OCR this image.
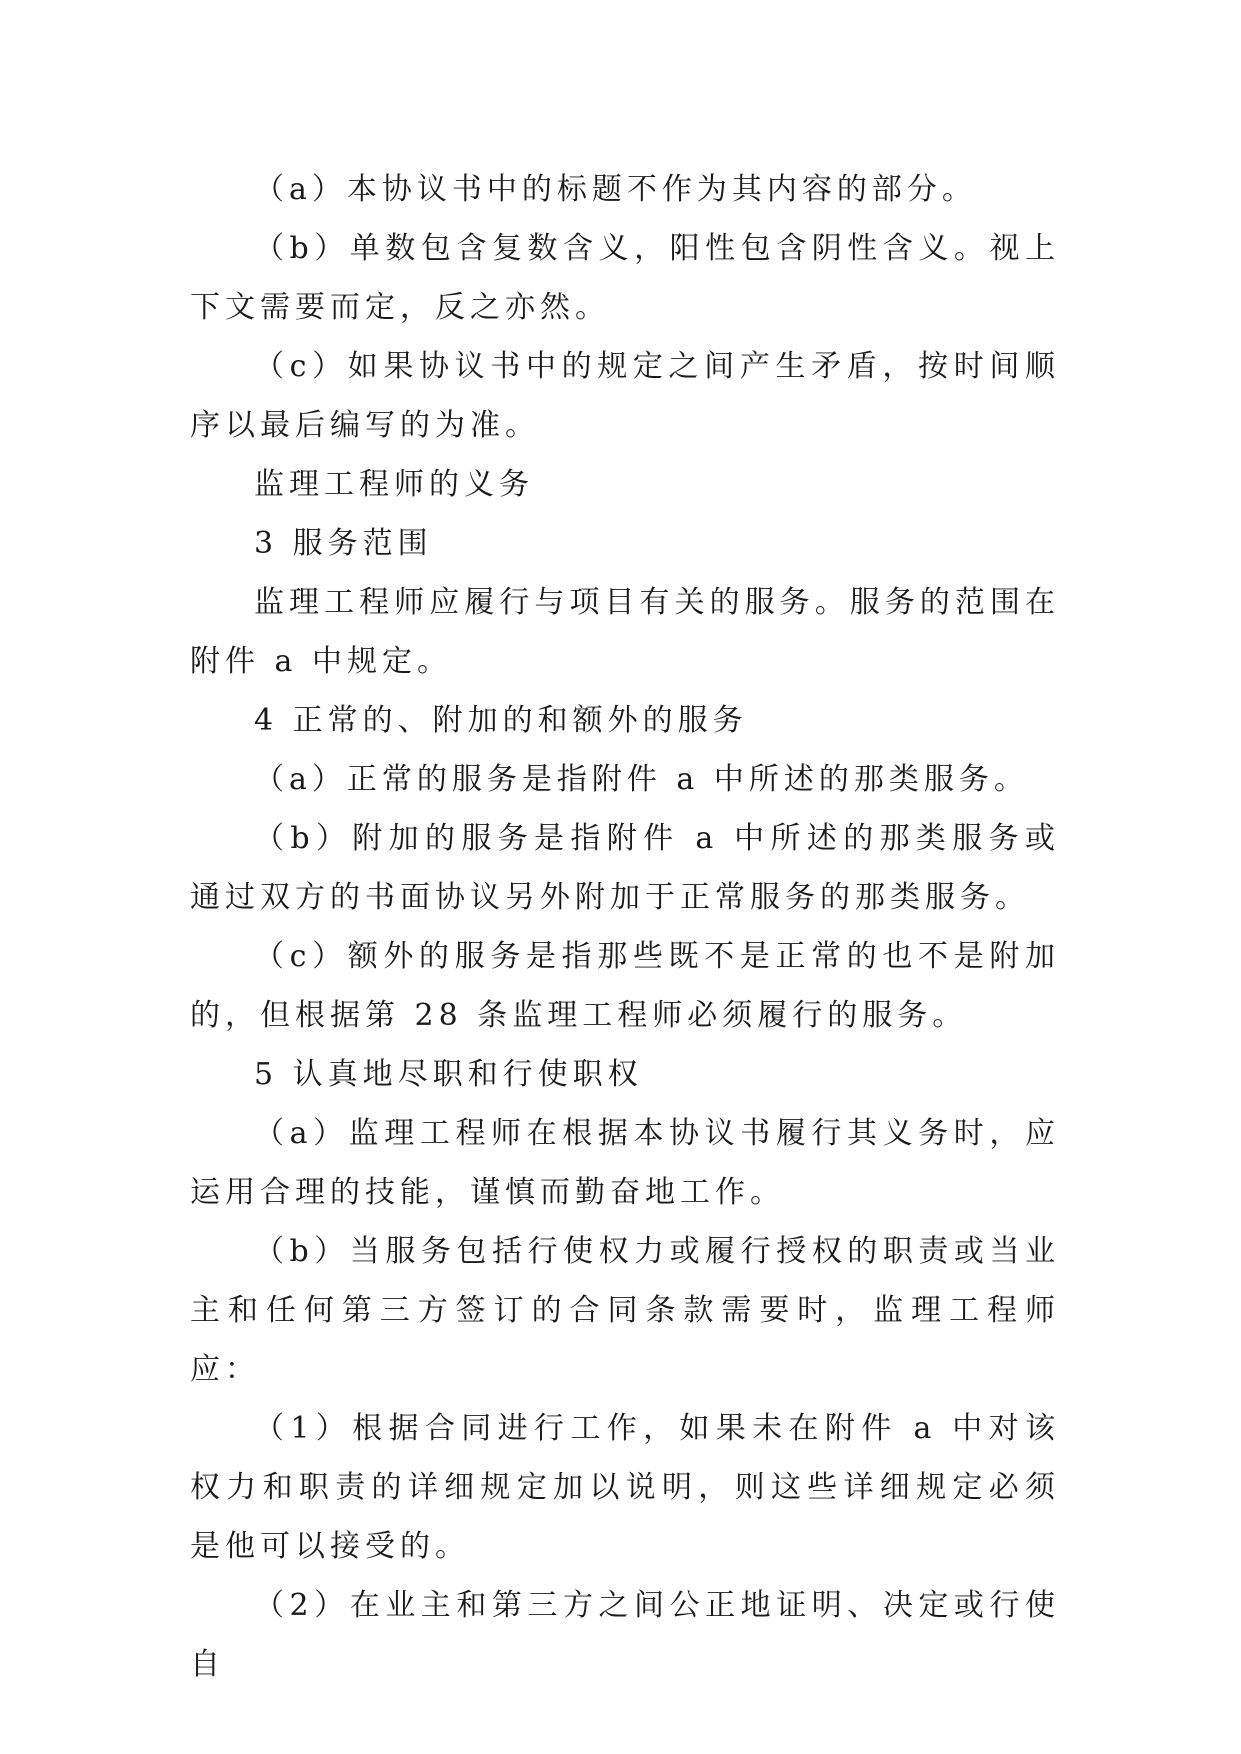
（a）本协议书中的标题不作为其内容的部分。

（b）单数包含复数含义，阳性包含阴性含义。视上下文需要而定，反之亦然。

（c）如果协议书中的规定之间产生矛盾，按时间顺序以最后编写的为准。

监理工程师的义务

3 服务范围

监理工程师应履行与项目有关的服务。服务的范围在附件 a 中规定。

4 正常的、附加的和额外的服务

（a）正常的服务是指附件 a 中所述的那类服务。

（b）附加的服务是指附件 a 中所述的那类服务或通过双方的书面协议另外附加于正常服务的那类服务。

（c）额外的服务是指那些既不是正常的也不是附加的，但根据第 28 条监理工程师必须履行的服务。

5 认真地尽职和行使职权

（a）监理工程师在根据本协议书履行其义务时，应运用合理的技能，谨慎而勤奋地工作。

（b）当服务包括行使权力或履行授权的职责或当业主和任何第三方签订的合同条款需要时，监理工程师应：

（1）根据合同进行工作，如果未在附件 a 中对该权力和职责的详细规定加以说明，则这些详细规定必须是他可以接受的。

（2）在业主和第三方之间公正地证明、决定或行使自
